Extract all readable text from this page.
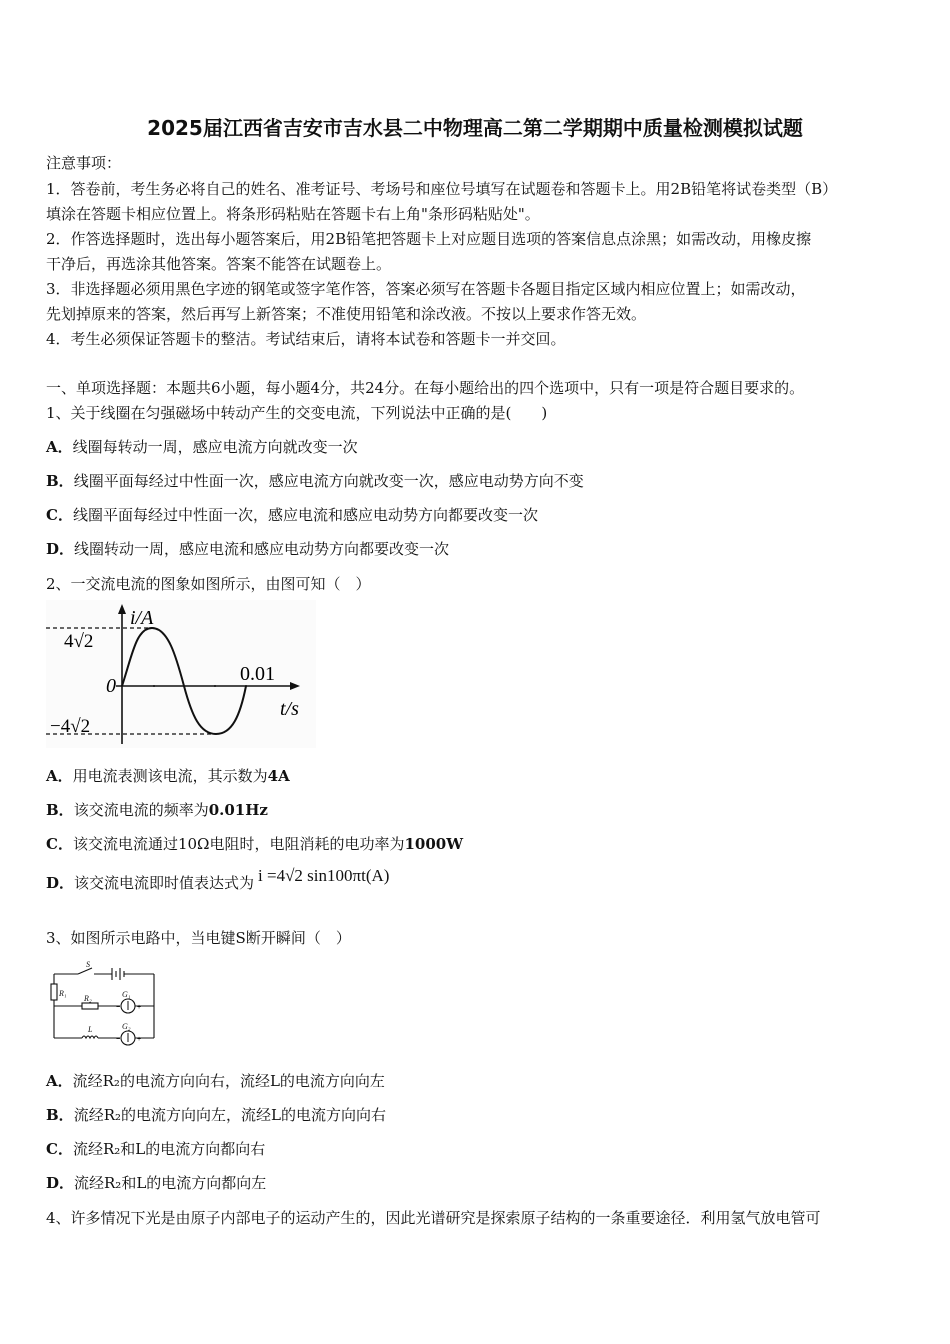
2025届江西省吉安市吉水县二中物理高二第二学期期中质量检测模拟试题
注意事项：
1．答卷前，考生务必将自己的姓名、准考证号、考场号和座位号填写在试题卷和答题卡上。用2B铅笔将试卷类型（B）
填涂在答题卡相应位置上。将条形码粘贴在答题卡右上角"条形码粘贴处"。
2．作答选择题时，选出每小题答案后，用2B铅笔把答题卡上对应题目选项的答案信息点涂黑；如需改动，用橡皮擦
干净后，再选涂其他答案。答案不能答在试题卷上。
3．非选择题必须用黑色字迹的钢笔或签字笔作答，答案必须写在答题卡各题目指定区域内相应位置上；如需改动，
先划掉原来的答案，然后再写上新答案；不准使用铅笔和涂改液。不按以上要求作答无效。
4．考生必须保证答题卡的整洁。考试结束后，请将本试卷和答题卡一并交回。
一、单项选择题：本题共6小题，每小题4分，共24分。在每小题给出的四个选项中，只有一项是符合题目要求的。
1、关于线圈在匀强磁场中转动产生的交变电流，下列说法中正确的是(　　)
A．线圈每转动一周，感应电流方向就改变一次
B．线圈平面每经过中性面一次，感应电流方向就改变一次，感应电动势方向不变
C．线圈平面每经过中性面一次，感应电流和感应电动势方向都要改变一次
D．线圈转动一周，感应电流和感应电动势方向都要改变一次
2、一交流电流的图象如图所示，由图可知（　）
i/A
t/s
0
4√2
−4√2
0.01
A．用电流表测该电流，其示数为4A
B．该交流电流的频率为0.01Hz
C．该交流电流通过10Ω电阻时，电阻消耗的电功率为1000W
D．该交流电流即时值表达式为 i =4√2 sin100πt(A)
3、如图所示电路中，当电键S断开瞬间（　）
S
R₁
R₂
L
G₁
G₂
− +
− +
A．流经R₂的电流方向向右，流经L的电流方向向左
B．流经R₂的电流方向向左，流经L的电流方向向右
C．流经R₂和L的电流方向都向右
D．流经R₂和L的电流方向都向左
4、许多情况下光是由原子内部电子的运动产生的，因此光谱研究是探索原子结构的一条重要途径．利用氢气放电管可
